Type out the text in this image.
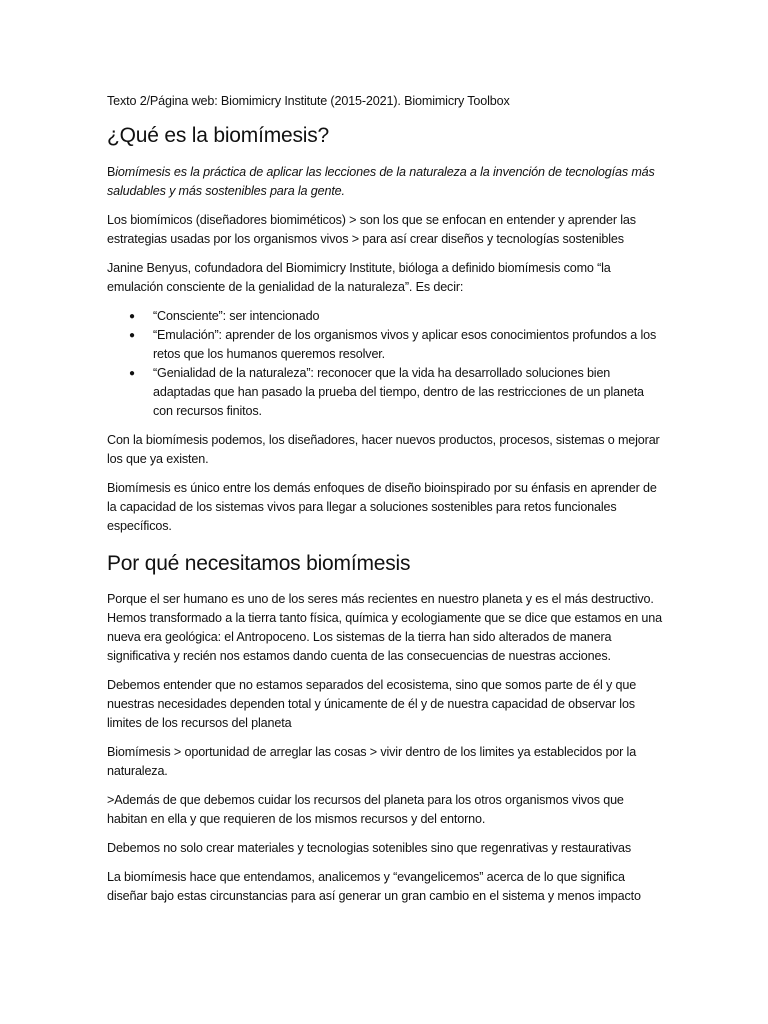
Texto 2/Página web: Biomimicry Institute (2015-2021). Biomimicry Toolbox

¿Qué es la biomímesis?

Biomímesis es la práctica de aplicar las lecciones de la naturaleza a la invención de tecnologías más saludables y más sostenibles para la gente.

Los biomímicos (diseñadores biomiméticos) > son los que se enfocan en entender y aprender las estrategias usadas por los organismos vivos > para así crear diseños y tecnologías sostenibles

Janine Benyus, cofundadora del Biomimicry Institute, bióloga a definido biomímesis como “la emulación consciente de la genialidad de la naturaleza”. Es decir:

● “Consciente”: ser intencionado
● “Emulación”: aprender de los organismos vivos y aplicar esos conocimientos profundos a los retos que los humanos queremos resolver.
● “Genialidad de la naturaleza”: reconocer que la vida ha desarrollado soluciones bien adaptadas que han pasado la prueba del tiempo, dentro de las restricciones de un planeta con recursos finitos.

Con la biomímesis podemos, los diseñadores, hacer nuevos productos, procesos, sistemas o mejorar los que ya existen.

Biomímesis es único entre los demás enfoques de diseño bioinspirado por su énfasis en aprender de la capacidad de los sistemas vivos para llegar a soluciones sostenibles para retos funcionales específicos.

Por qué necesitamos biomímesis

Porque el ser humano es uno de los seres más recientes en nuestro planeta y es el más destructivo. Hemos transformado a la tierra tanto física, química y ecologiamente que se dice que estamos en una nueva era geológica: el Antropoceno. Los sistemas de la tierra han sido alterados de manera significativa y recién nos estamos dando cuenta de las consecuencias de nuestras acciones.

Debemos entender que no estamos separados del ecosistema, sino que somos parte de él y que nuestras necesidades dependen total y únicamente de él y de nuestra capacidad de observar los limites de los recursos del planeta

Biomímesis > oportunidad de arreglar las cosas > vivir dentro de los limites ya establecidos por la naturaleza.

>Además de que debemos cuidar los recursos del planeta para los otros organismos vivos que habitan en ella y que requieren de los mismos recursos y del entorno.

Debemos no solo crear materiales y tecnologias sotenibles sino que regenrativas y restaurativas

La biomímesis hace que entendamos, analicemos y “evangelicemos” acerca de lo que significa diseñar bajo estas circunstancias para así generar un gran cambio en el sistema y menos impacto
